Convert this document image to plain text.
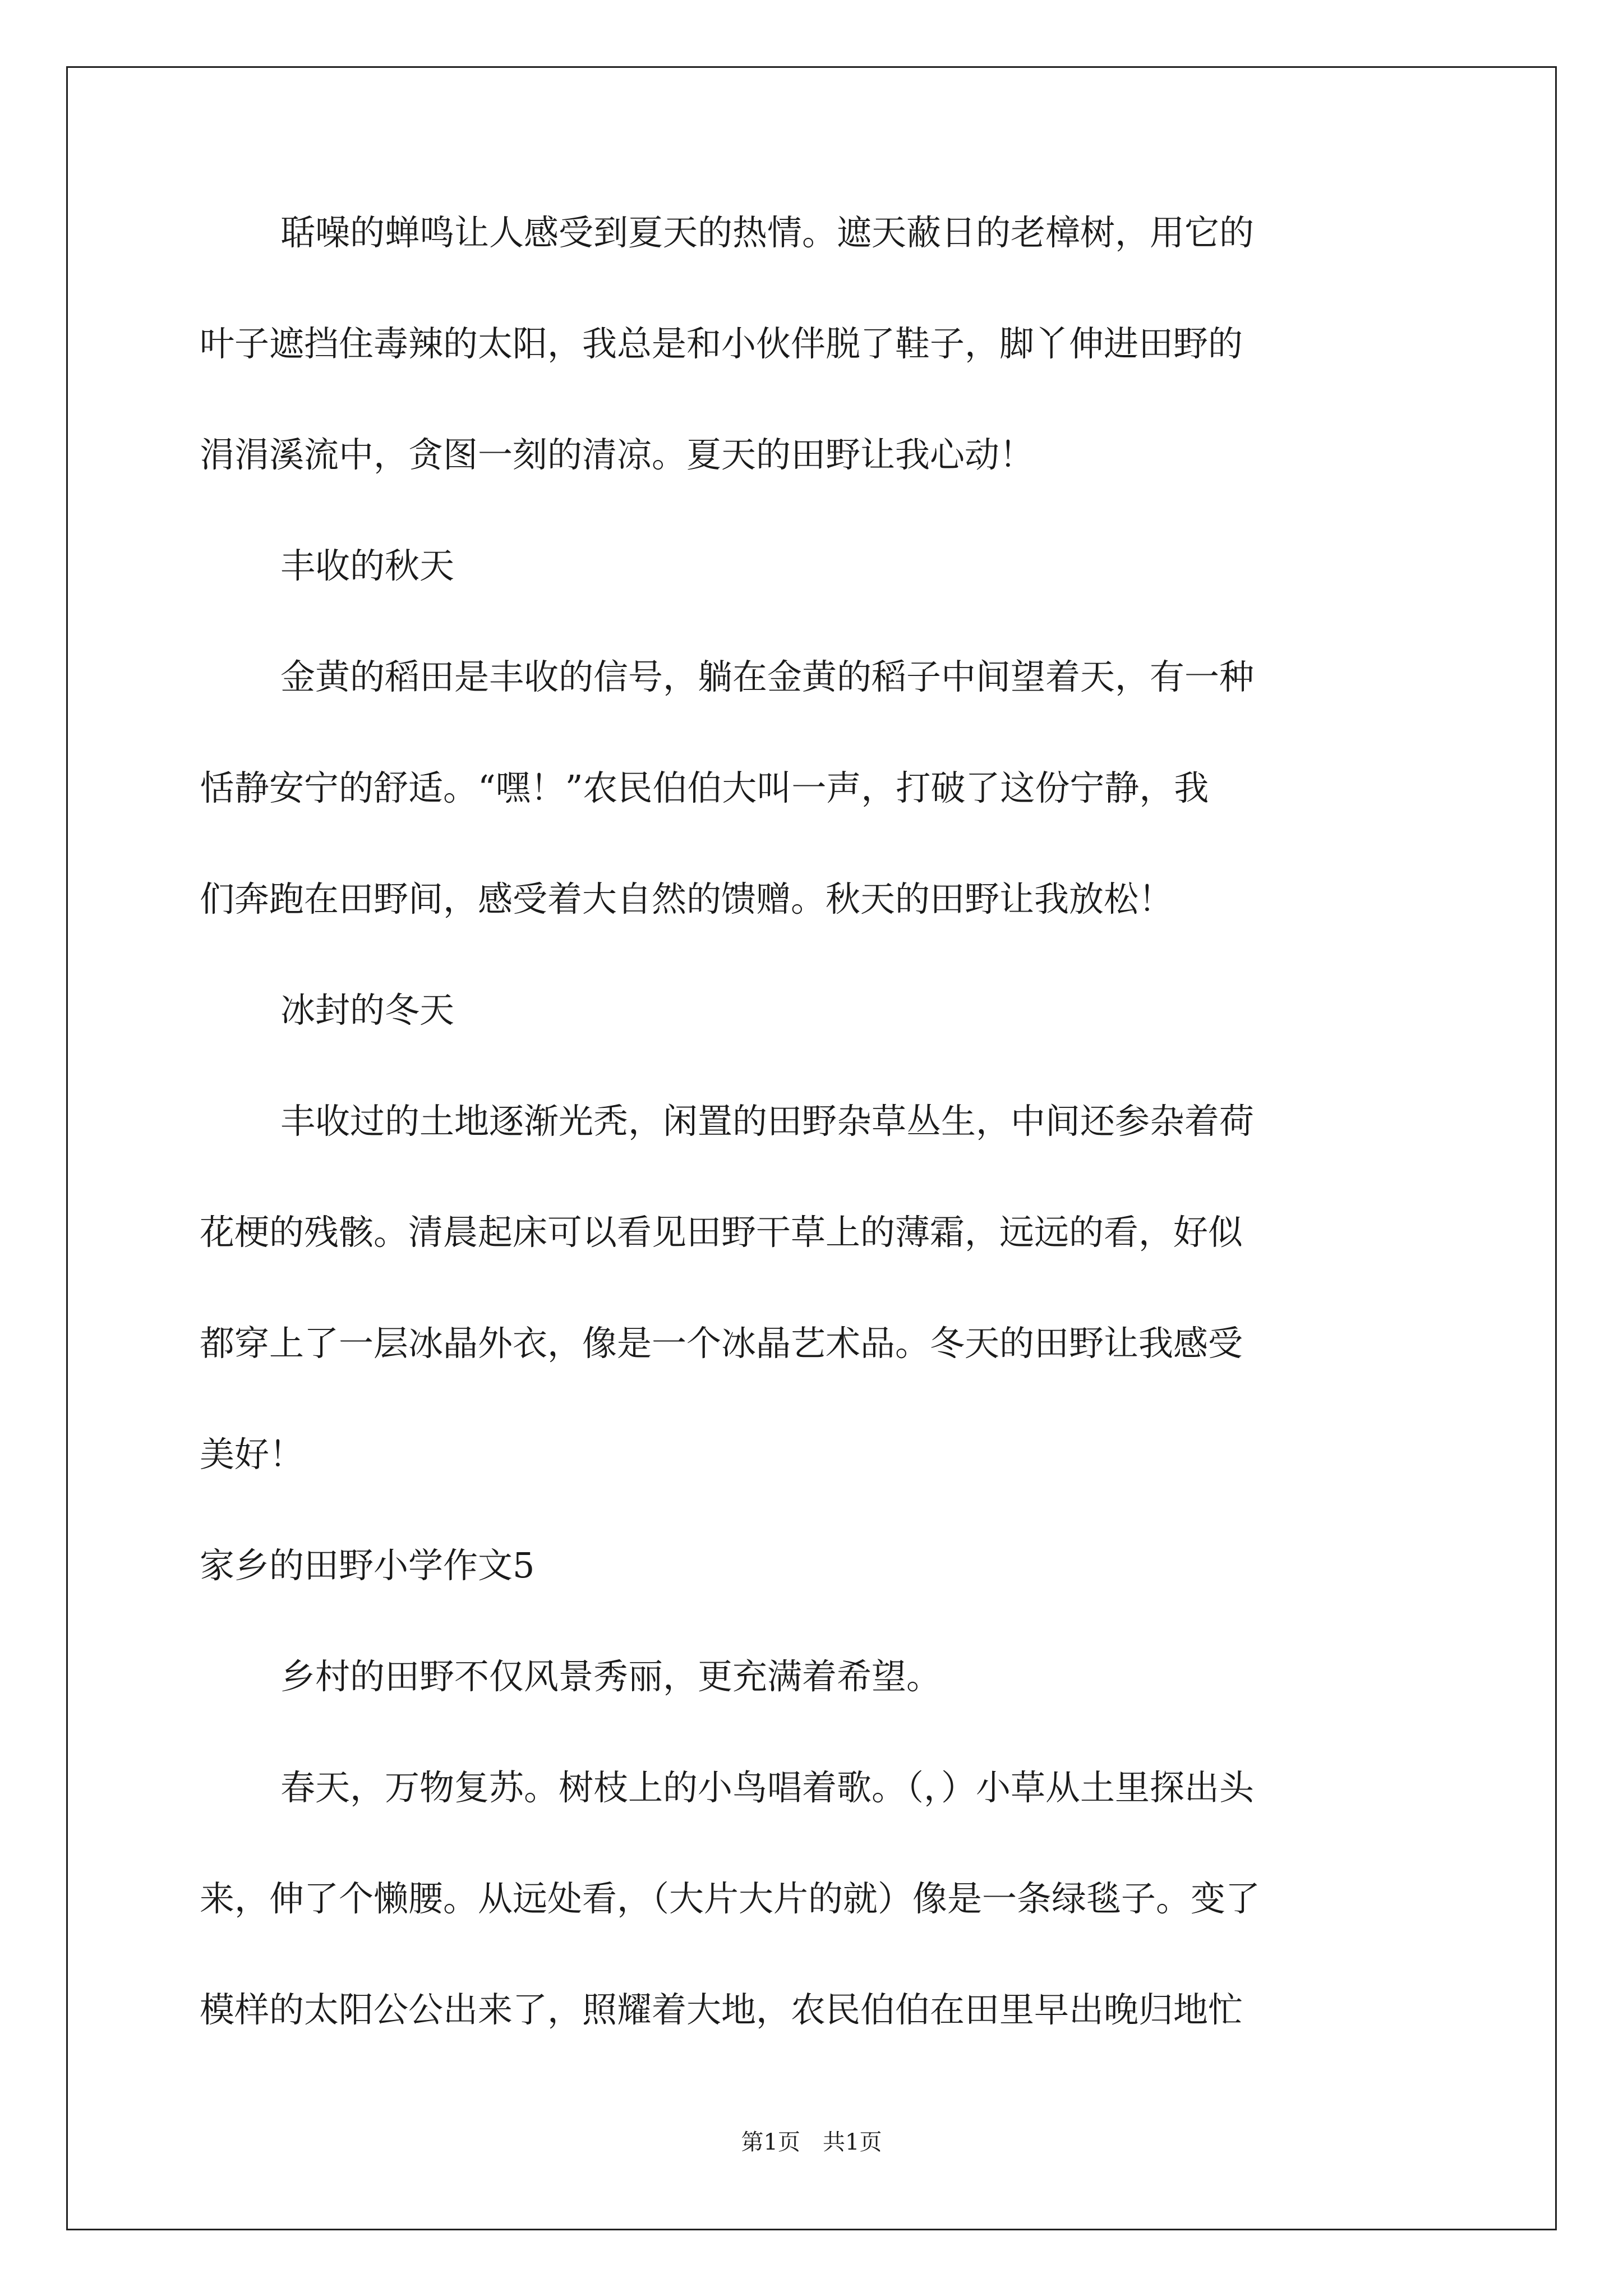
聒噪的蝉鸣让人感受到夏天的热情。遮天蔽日的老樟树，用它的
叶子遮挡住毒辣的太阳，我总是和小伙伴脱了鞋子，脚丫伸进田野的
涓涓溪流中，贪图一刻的清凉。夏天的田野让我心动！
丰收的秋天
金黄的稻田是丰收的信号，躺在金黄的稻子中间望着天，有一种
恬静安宁的舒适。“嘿！”农民伯伯大叫一声，打破了这份宁静，我
们奔跑在田野间，感受着大自然的馈赠。秋天的田野让我放松！
冰封的冬天
丰收过的土地逐渐光秃，闲置的田野杂草丛生，中间还参杂着荷
花梗的残骸。清晨起床可以看见田野干草上的薄霜，远远的看，好似
都穿上了一层冰晶外衣，像是一个冰晶艺术品。冬天的田野让我感受
美好！
家乡的田野小学作文5
乡村的田野不仅风景秀丽，更充满着希望。
春天，万物复苏。树枝上的小鸟唱着歌。（，）小草从土里探出头
来，伸了个懒腰。从远处看，（大片大片的就）像是一条绿毯子。变了
模样的太阳公公出来了，照耀着大地，农民伯伯在田里早出晚归地忙
第1页 共1页
